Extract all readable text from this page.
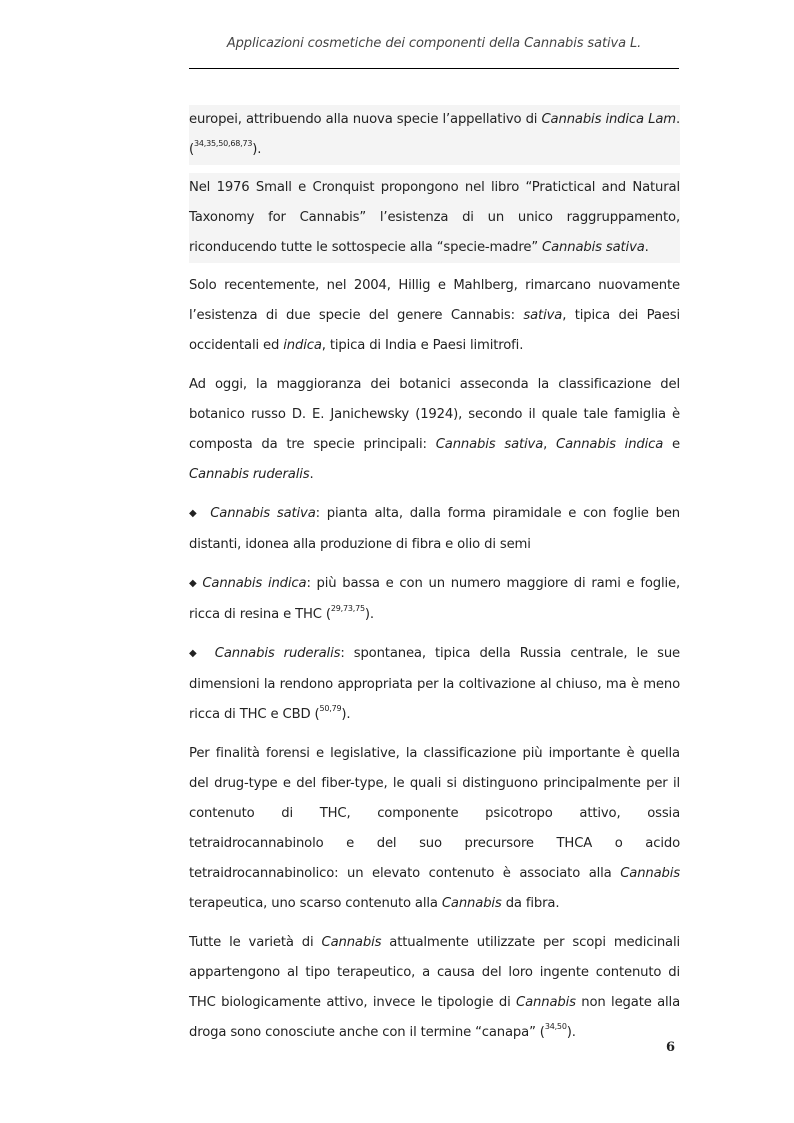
Applicazioni cosmetiche dei componenti della Cannabis sativa L.

europei, attribuendo alla nuova specie l’appellativo di Cannabis indica Lam. ($^{34,35,50,68,73}$).

Nel 1976 Small e Cronquist propongono nel libro “Pratictical and Natural Taxonomy for Cannabis” l’esistenza di un unico raggruppamento, riconducendo tutte le sottospecie alla “specie-madre” Cannabis sativa.

Solo recentemente, nel 2004, Hillig e Mahlberg, rimarcano nuovamente l’esistenza di due specie del genere Cannabis: sativa, tipica dei Paesi occidentali ed indica, tipica di India e Paesi limitrofi.

Ad oggi, la maggioranza dei botanici asseconda la classificazione del botanico russo D. E. Janichewsky (1924), secondo il quale tale famiglia è composta da tre specie principali: Cannabis sativa, Cannabis indica e Cannabis ruderalis.

◆ Cannabis sativa: pianta alta, dalla forma piramidale e con foglie ben distanti, idonea alla produzione di fibra e olio di semi

◆ Cannabis indica: più bassa e con un numero maggiore di rami e foglie, ricca di resina e THC ($^{29,73,75}$).

◆ Cannabis ruderalis: spontanea, tipica della Russia centrale, le sue dimensioni la rendono appropriata per la coltivazione al chiuso, ma è meno ricca di THC e CBD ($^{50,79}$).

Per finalità forensi e legislative, la classificazione più importante è quella del drug-type e del fiber-type, le quali si distinguono principalmente per il contenuto di THC, componente psicotropo attivo, ossia tetraidrocannabinolo e del suo precursore THCA o acido tetraidrocannabinolico: un elevato contenuto è associato alla Cannabis terapeutica, uno scarso contenuto alla Cannabis da fibra.

Tutte le varietà di Cannabis attualmente utilizzate per scopi medicinali appartengono al tipo terapeutico, a causa del loro ingente contenuto di THC biologicamente attivo, invece le tipologie di Cannabis non legate alla droga sono conosciute anche con il termine “canapa” ($^{34,50}$).

6
